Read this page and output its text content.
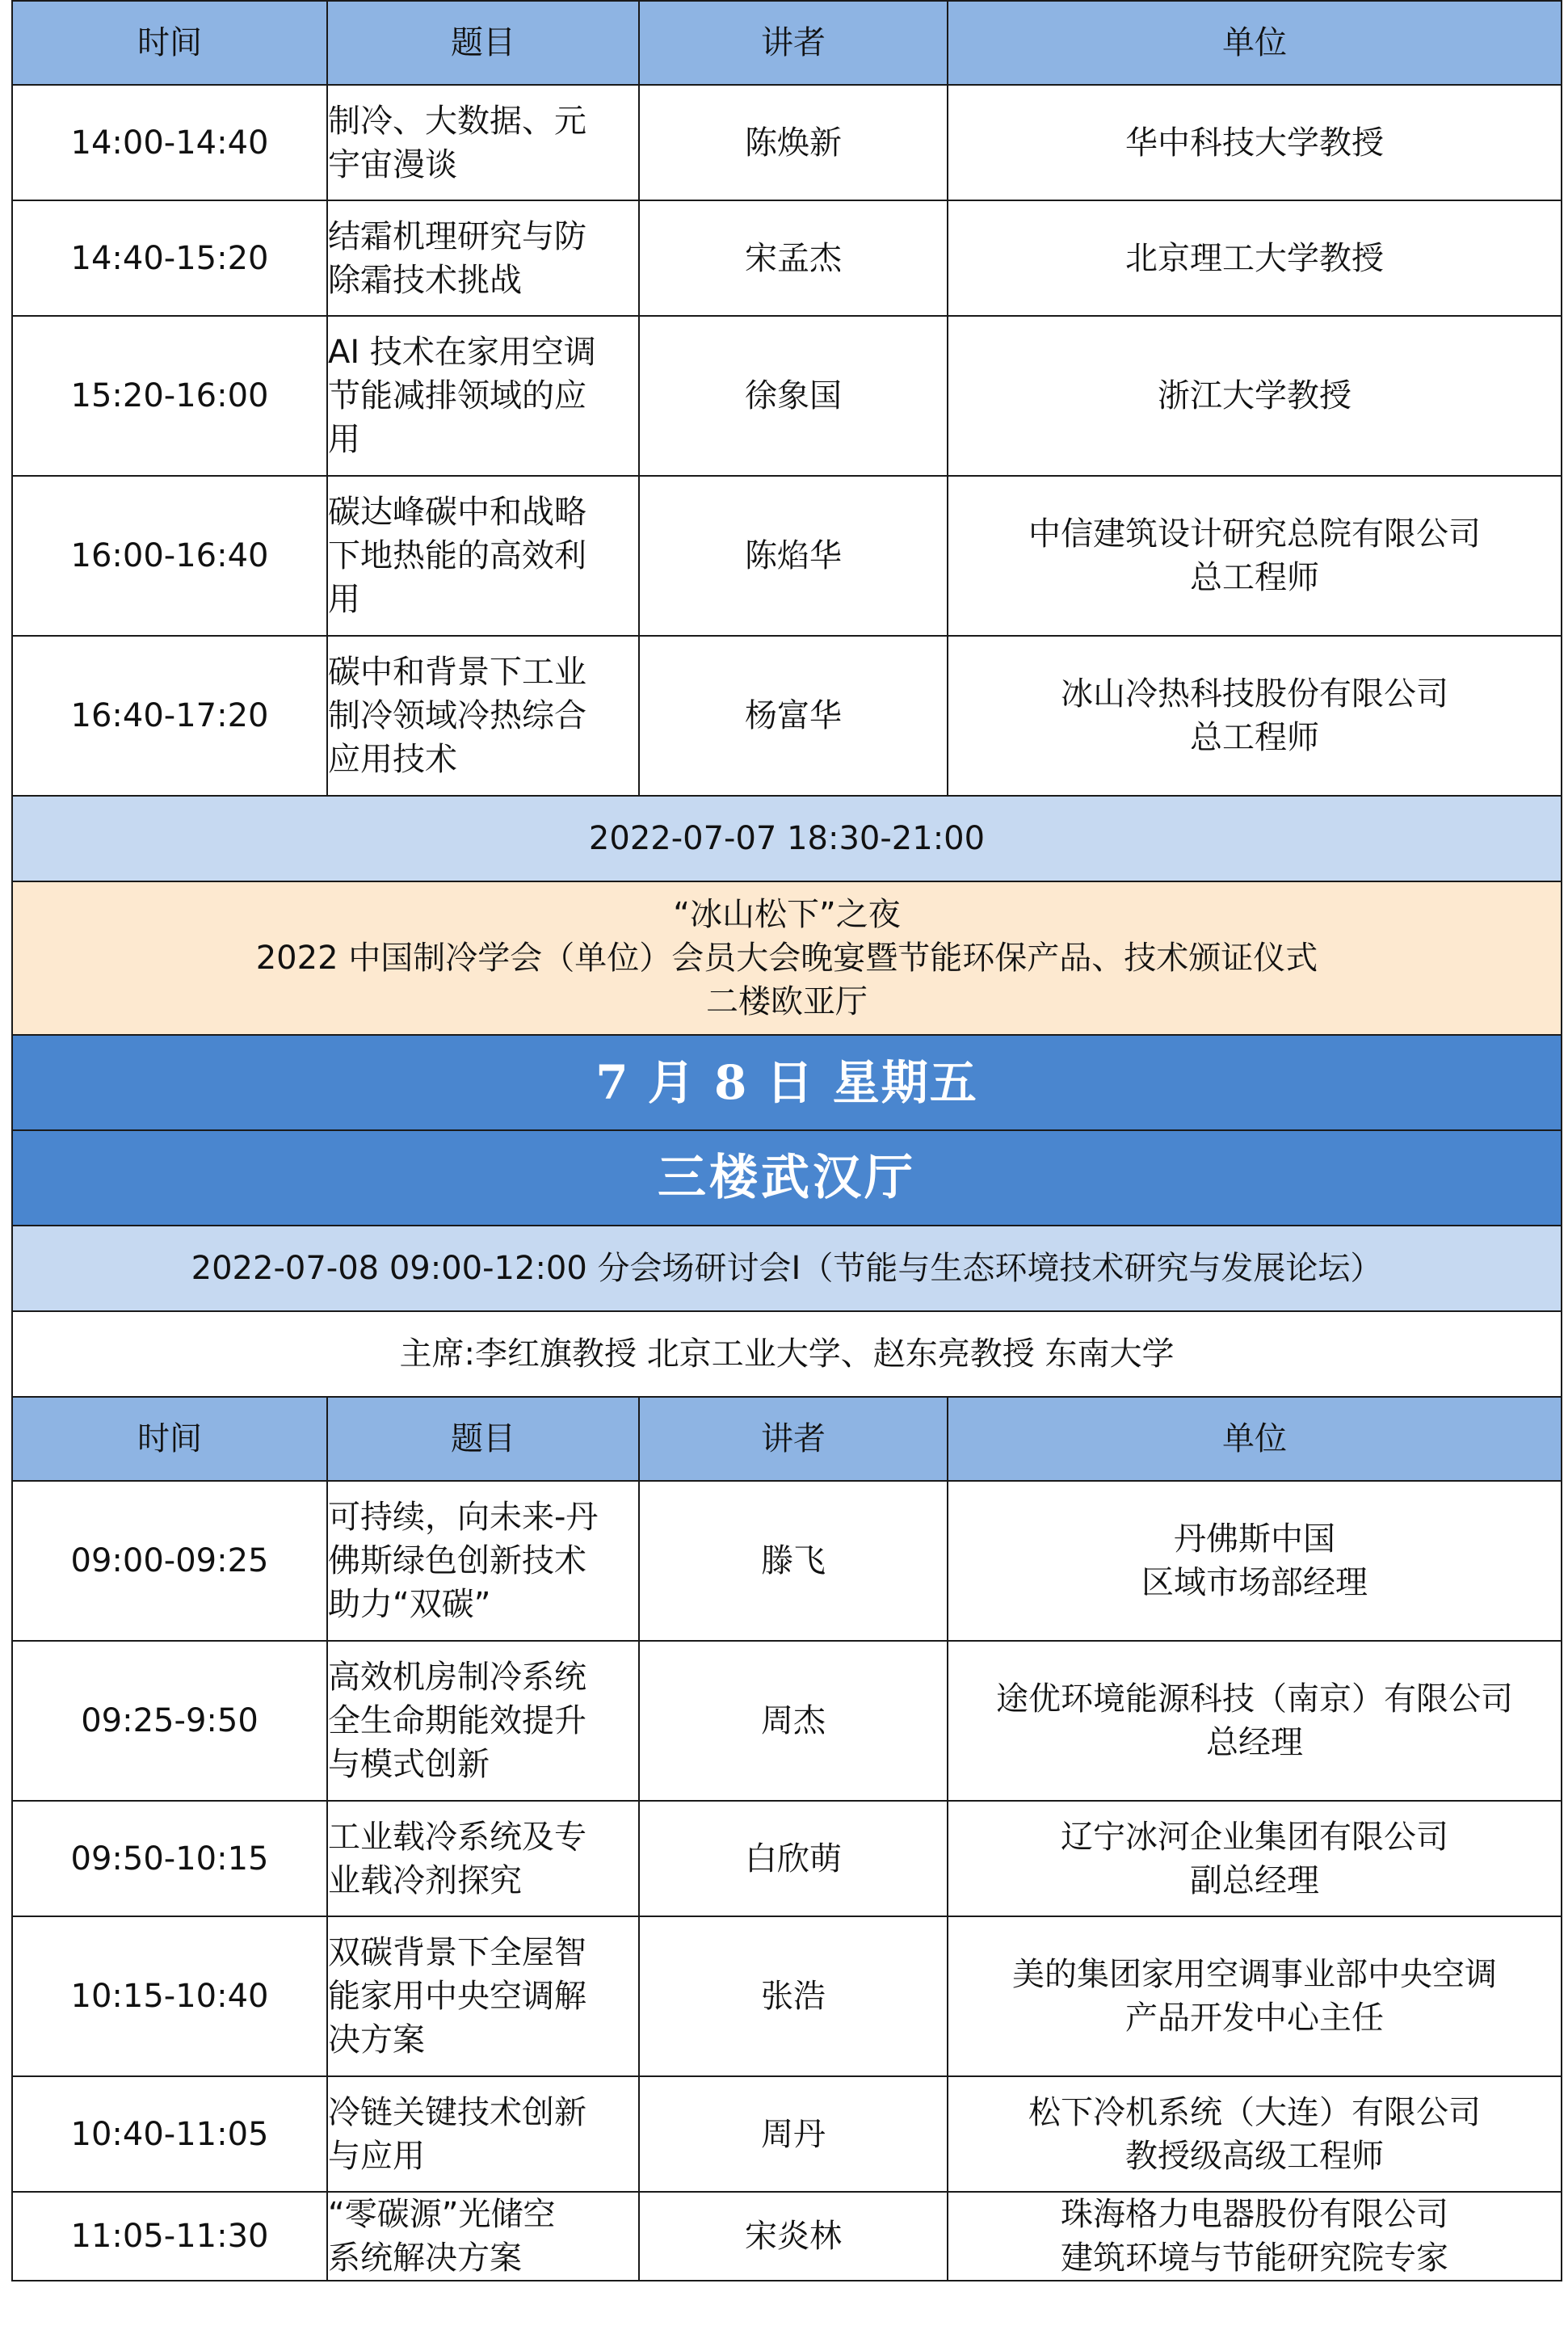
时间	题目	讲者	单位
14:00-14:40	制冷、大数据、元
宇宙漫谈	陈焕新	华中科技大学教授

14:40-15:20	结霜机理研究与防
除霜技术挑战	宋孟杰	北京理工大学教授

15:20-16:00	AI 技术在家用空调
节能减排领域的应
用	徐象国	浙江大学教授

16:00-16:40	碳达峰碳中和战略
下地热能的高效利
用	陈焰华	中信建筑设计研究总院有限公司
总工程师

16:40-17:20	碳中和背景下工业
制冷领域冷热综合
应用技术	杨富华	冰山冷热科技股份有限公司
总工程师

2022-07-07 18:30-21:00			

“冰山松下”之夜
2022 中国制冷学会（单位）会员大会晚宴暨节能环保产品、技术颁证仪式
二楼欧亚厅			

7 月 8 日 星期五			
三楼武汉厅			
2022-07-08 09:00-12:00 分会场研讨会Ⅰ（节能与生态环境技术研究与发展论坛）			
主席:李红旗教授 北京工业大学、赵东亮教授 东南大学			
时间	题目	讲者	单位
09:00-09:25	可持续，向未来-丹
佛斯绿色创新技术
助力“双碳”	滕飞	丹佛斯中国
区域市场部经理

09:25-9:50	高效机房制冷系统
全生命期能效提升
与模式创新	周杰	途优环境能源科技（南京）有限公司
总经理

09:50-10:15	工业载冷系统及专
业载冷剂探究	白欣萌	辽宁冰河企业集团有限公司
副总经理

10:15-10:40	双碳背景下全屋智
能家用中央空调解
决方案	张浩	美的集团家用空调事业部中央空调
产品开发中心主任

10:40-11:05	冷链关键技术创新
与应用	周丹	松下冷机系统（大连）有限公司
教授级高级工程师

11:05-11:30	“零碳源”光储空
系统解决方案	宋炎林	珠海格力电器股份有限公司
建筑环境与节能研究院专家
